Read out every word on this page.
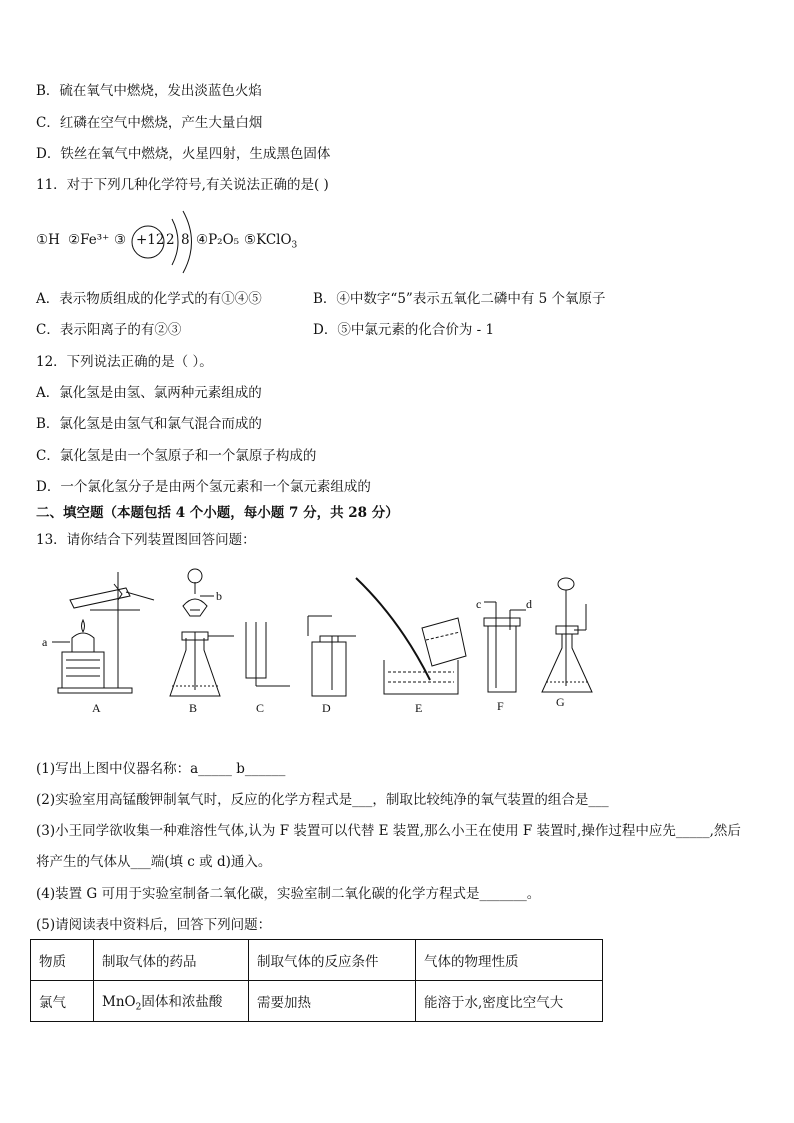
B．硫在氧气中燃烧，发出淡蓝色火焰
C．红磷在空气中燃烧，产生大量白烟
D．铁丝在氧气中燃烧，火星四射，生成黑色固体
11．对于下列几种化学符号,有关说法正确的是( )
①H ②Fe³⁺ ③ +12 2 8 ④P₂O₅ ⑤KClO$_3$
A．表示物质组成的化学式的有①④⑤	B．④中数字“5”表示五氧化二磷中有 5 个氧原子
C．表示阳离子的有②③	D．⑤中氯元素的化合价为 - 1
12．下列说法正确的是（ ）。
A．氯化氢是由氢、氯两种元素组成的
B．氯化氢是由氢气和氯气混合而成的
C．氯化氢是由一个氢原子和一个氯原子构成的
D．一个氯化氢分子是由两个氢元素和一个氯元素组成的
二、填空题（本题包括 4 个小题，每小题 7 分，共 28 分）
13．请你结合下列装置图回答问题：
a
A
b
B	C	D	E
c	d
F	G
(1)写出上图中仪器名称：a_____ b______
(2)实验室用高锰酸钾制氧气时，反应的化学方程式是___，制取比较纯净的氧气装置的组合是___
(3)小王同学欲收集一种难溶性气体,认为 F 装置可以代替 E 装置,那么小王在使用 F 装置时,操作过程中应先_____,然后
将产生的气体从___端(填 c 或 d)通入。
(4)装置 G 可用于实验室制备二氧化碳，实验室制二氧化碳的化学方程式是_______。
(5)请阅读表中资料后，回答下列问题：
物质	制取气体的药品	制取气体的反应条件	气体的物理性质
氯气	MnO$_2$固体和浓盐酸	需要加热	能溶于水,密度比空气大
